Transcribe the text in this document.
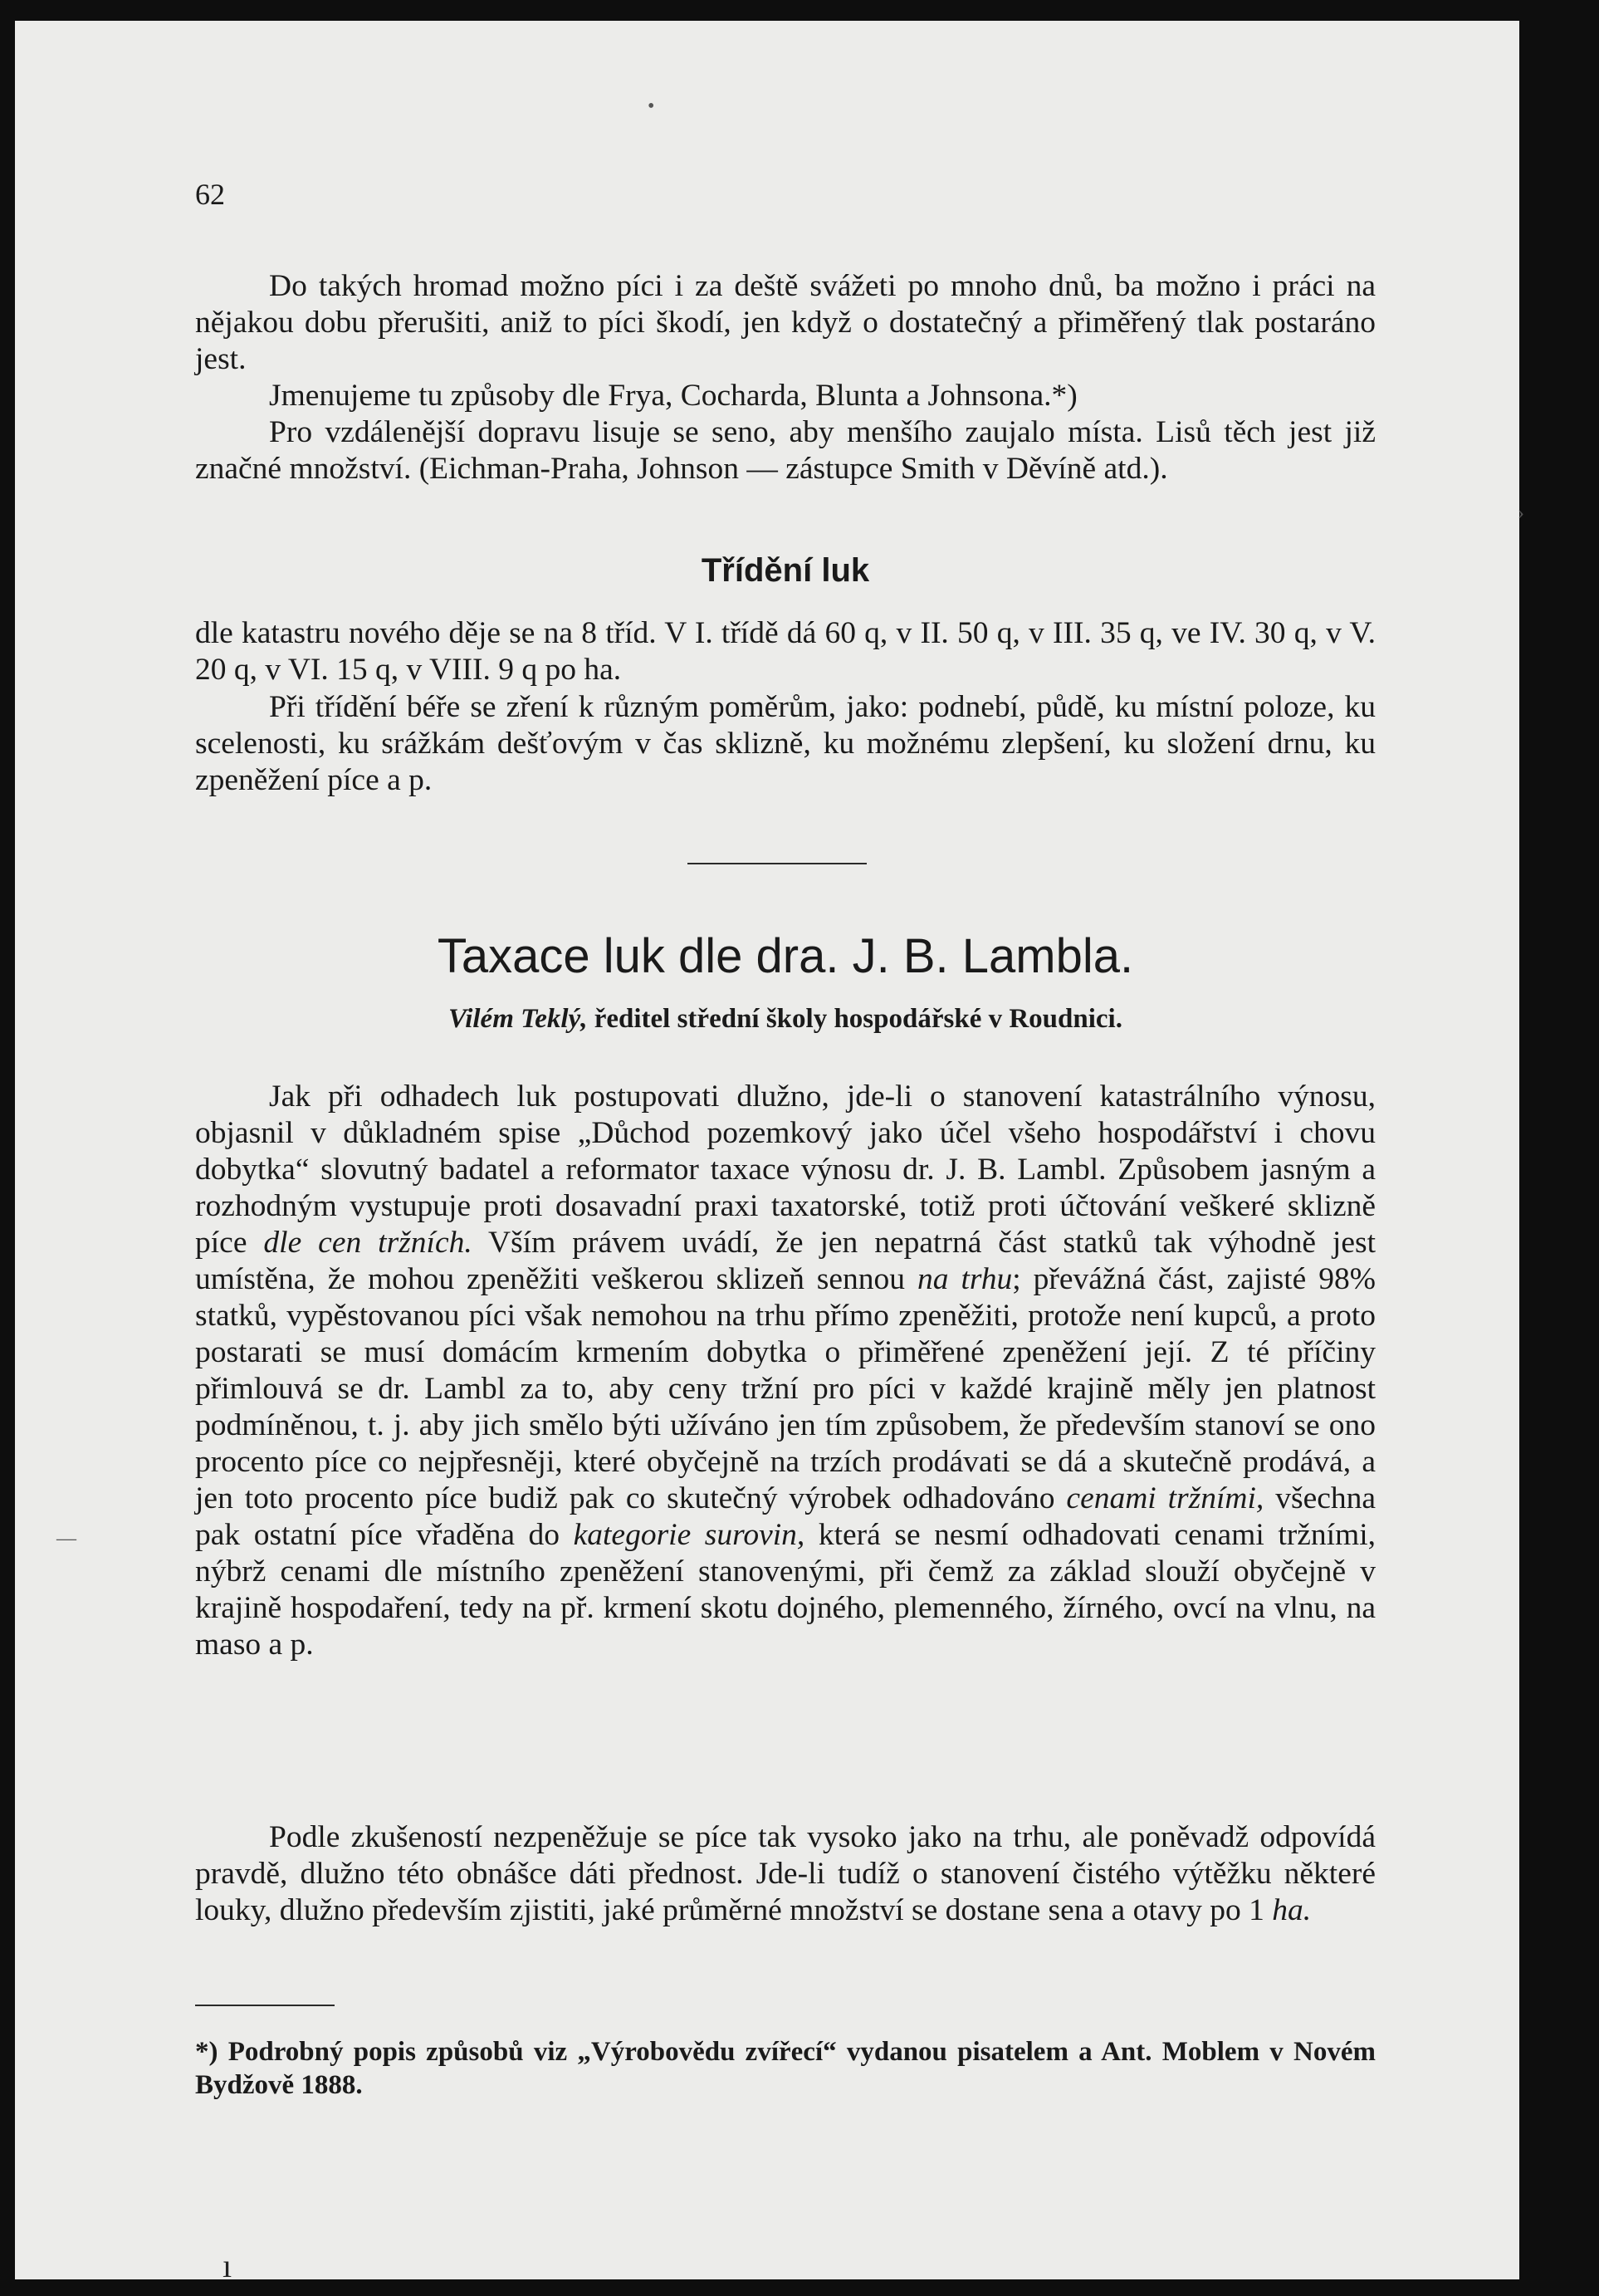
62

Do takých hromad možno píci i za deště svážeti po mnoho dnů, ba možno i práci na nějakou dobu přerušiti, aniž to píci škodí, jen když o dostatečný a přiměřený tlak postaráno jest.

Jmenujeme tu způsoby dle Frya, Cocharda, Blunta a Johnsona.*)

Pro vzdálenější dopravu lisuje se seno, aby menšího zaujalo místa. Lisů těch jest již značné množství. (Eichman-Praha, Johnson — zástupce Smith v Děvíně atd.).

Třídění luk

dle katastru nového děje se na 8 tříd. V I. třídě dá 60 q, v II. 50 q, v III. 35 q, ve IV. 30 q, v V. 20 q, v VI. 15 q, v VIII. 9 q po ha.

Při třídění béře se zření k různým poměrům, jako: podnebí, půdě, ku místní poloze, ku scelenosti, ku srážkám dešťovým v čas sklizně, ku možnému zlepšení, ku složení drnu, ku zpeněžení píce a p.

Taxace luk dle dra. J. B. Lambla.
Vilém Teklý, ředitel střední školy hospodářské v Roudnici.

Jak při odhadech luk postupovati dlužno, jde-li o stanovení katastrálního výnosu, objasnil v důkladném spise „Důchod pozemkový jako účel všeho hospodářství i chovu dobytka“ slovutný badatel a reformator taxace výnosu dr. J. B. Lambl. Způsobem jasným a rozhodným vystupuje proti dosavadní praxi taxatorské, totiž proti účtování veškeré sklizně píce dle cen tržních. Vším právem uvádí, že jen nepatrná část statků tak výhodně jest umístěna, že mohou zpeněžiti veškerou sklizeň sennou na trhu; převážná část, zajisté 98% statků, vypěstovanou píci však nemohou na trhu přímo zpeněžiti, protože není kupců, a proto postarati se musí domácím krmením dobytka o přiměřené zpeněžení její. Z té příčiny přimlouvá se dr. Lambl za to, aby ceny tržní pro píci v každé krajině měly jen platnost podmíněnou, t. j. aby jich smělo býti užíváno jen tím způsobem, že především stanoví se ono procento píce co nejpřesněji, které obyčejně na trzích prodávati se dá a skutečně prodává, a jen toto procento píce budiž pak co skutečný výrobek odhadováno cenami tržními, všechna pak ostatní píce vřaděna do kategorie surovin, která se nesmí odhadovati cenami tržními, nýbrž cenami dle místního zpeněžení stanovenými, při čemž za základ slouží obyčejně v krajině hospodaření, tedy na př. krmení skotu dojného, plemenného, žírného, ovcí na vlnu, na maso a p.

Podle zkušeností nezpeněžuje se píce tak vysoko jako na trhu, ale poněvadž odpovídá pravdě, dlužno této obnášce dáti přednost. Jde-li tudíž o stanovení čistého výtěžku některé louky, dlužno především zjistiti, jaké průměrné množství se dostane sena a otavy po 1 ha.

*) Podrobný popis způsobů viz „Výrobovědu zvířecí“ vydanou pisatelem a Ant. Moblem v Novém Bydžově 1888.
•
›
—
ı
